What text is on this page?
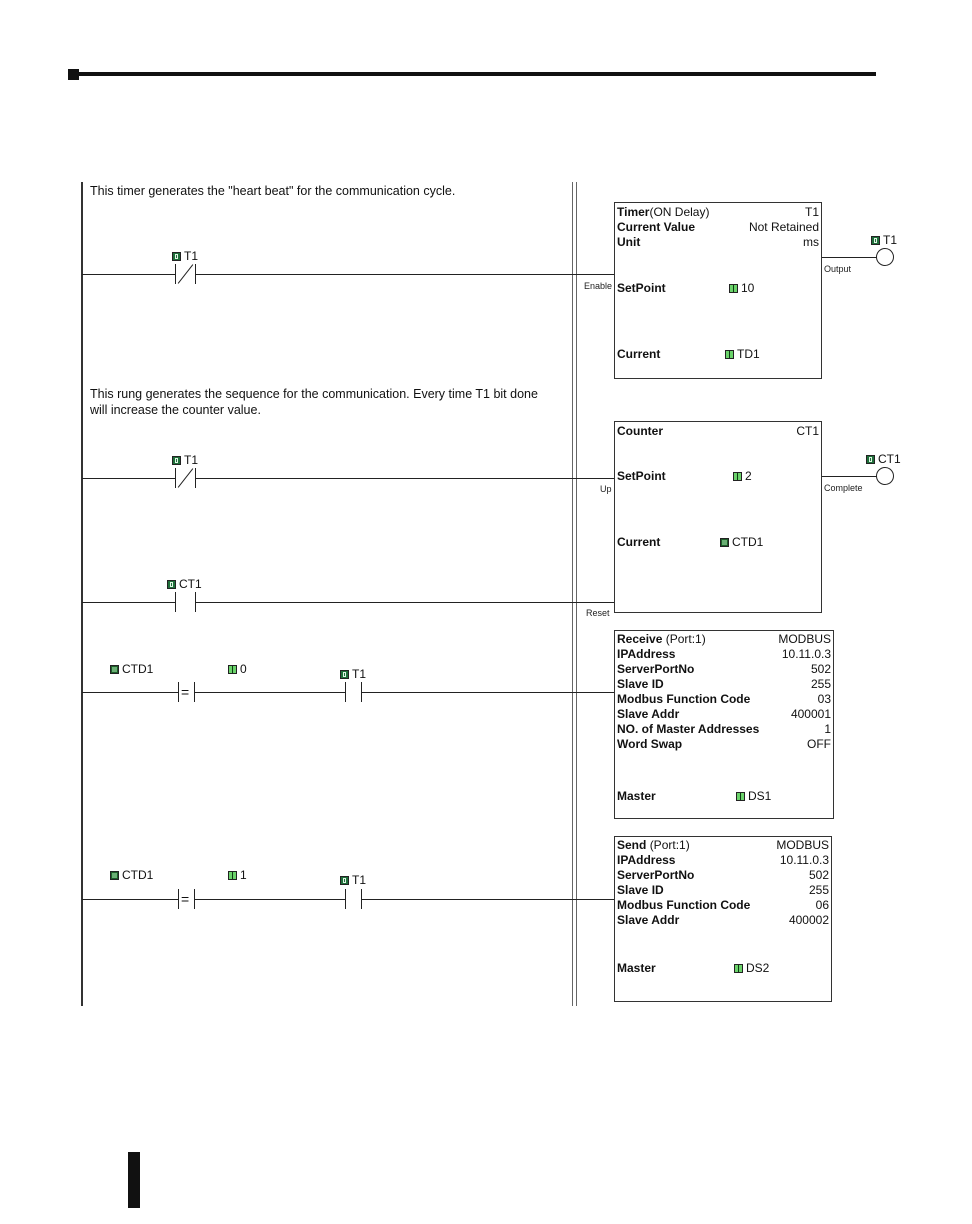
This timer generates the "heart beat" for the communication cycle.
T1
Enable
Timer(ON Delay)	T1
Current Value	Not Retained
Unit	ms
SetPoint	10
Current	TD1
Output
T1
This rung generates the sequence for the communication. Every time T1 bit done
will increase the counter value.
T1
Up
CT1
Reset
Counter	CT1
SetPoint	2
Current	CTD1
Complete
CT1
CTD1	0
=
T1
Receive (Port:1)	MODBUS
IPAddress	10.11.0.3
ServerPortNo	502
Slave ID	255
Modbus Function Code	03
Slave Addr	400001
NO. of Master Addresses	1
Word Swap	OFF
Master	DS1
CTD1	1
=
T1
Send (Port:1)	MODBUS
IPAddress	10.11.0.3
ServerPortNo	502
Slave ID	255
Modbus Function Code	06
Slave Addr	400002
Master	DS2
